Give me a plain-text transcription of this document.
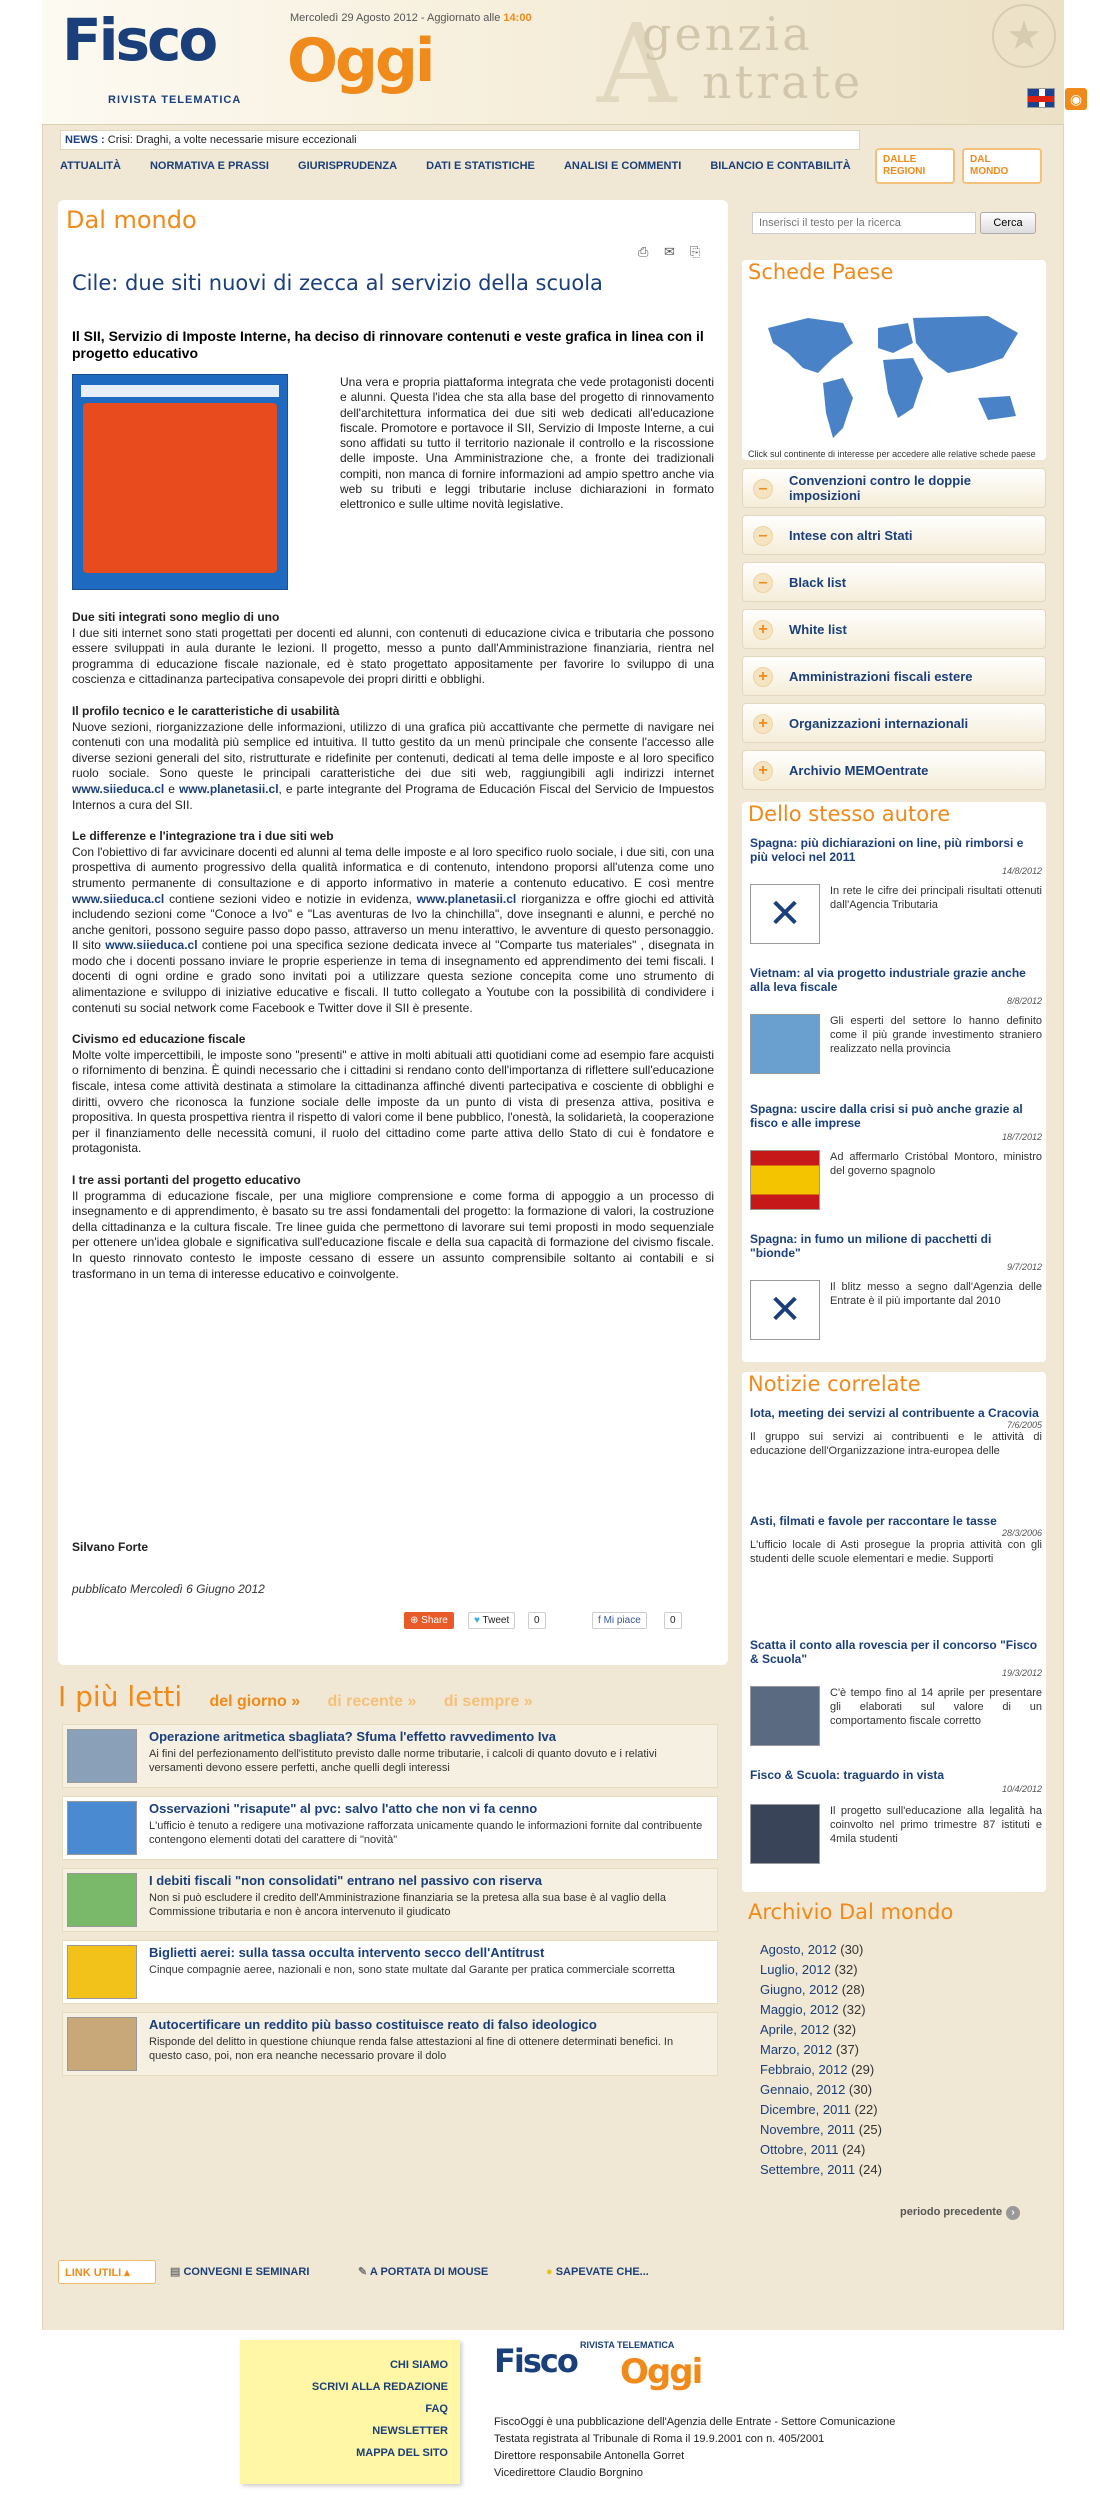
A
Fisco Oggi
RIVISTA TELEMATICA
Mercoledì 29 Agosto 2012 - Aggiornato alle 14:00 genzia
ntrate
★
◉
NEWS : Crisi: Draghi, a volte necessarie misure eccezionali
ATTUALITÀ	NORMATIVA E PRASSI	GIURISPRUDENZA	DATI E STATISTICHE	ANALISI E COMMENTI	BILANCIO E CONTABILITÀ
DALLE
REGIONI
DAL
MONDO
Dal mondo
⎙ ✉ ⎘
Cile: due siti nuovi di zecca al servizio della scuola
Il SII, Servizio di Imposte Interne, ha deciso di rinnovare contenuti e veste grafica in linea con il progetto educativo
Una vera e propria piattaforma integrata che vede protagonisti docenti e alunni. Questa l'idea che sta alla base del progetto di rinnovamento dell'architettura informatica dei due siti web dedicati all'educazione fiscale. Promotore e portavoce il SII, Servizio di Imposte Interne, a cui sono affidati su tutto il territorio nazionale il controllo e la riscossione delle imposte. Una Amministrazione che, a fronte dei tradizionali compiti, non manca di fornire informazioni ad ampio spettro anche via web su tributi e leggi tributarie incluse dichiarazioni in formato elettronico e sulle ultime novità legislative.
Due siti integrati sono meglio di uno

I due siti internet sono stati progettati per docenti ed alunni, con contenuti di educazione civica e tributaria che possono essere sviluppati in aula durante le lezioni. Il progetto, messo a punto dall'Amministrazione finanziaria, rientra nel programma di educazione fiscale nazionale, ed è stato progettato appositamente per favorire lo sviluppo di una coscienza e cittadinanza partecipativa consapevole dei propri diritti e obblighi.

Il profilo tecnico e le caratteristiche di usabilità

Nuove sezioni, riorganizzazione delle informazioni, utilizzo di una grafica più accattivante che permette di navigare nei contenuti con una modalità più semplice ed intuitiva. Il tutto gestito da un menù principale che consente l'accesso alle diverse sezioni generali del sito, ristrutturate e ridefinite per contenuti, dedicati al tema delle imposte e al loro specifico ruolo sociale. Sono queste le principali caratteristiche dei due siti web, raggiungibili agli indirizzi internet www.siieduca.cl e www.planetasii.cl, e parte integrante del Programa de Educación Fiscal del Servicio de Impuestos Internos a cura del SII.

Le differenze e l'integrazione tra i due siti web

Con l'obiettivo di far avvicinare docenti ed alunni al tema delle imposte e al loro specifico ruolo sociale, i due siti, con una prospettiva di aumento progressivo della qualità informatica e di contenuto, intendono proporsi all'utenza come uno strumento permanente di consultazione e di apporto informativo in materie a contenuto educativo. E così mentre www.siieduca.cl contiene sezioni video e notizie in evidenza, www.planetasii.cl riorganizza e offre giochi ed attività includendo sezioni come "Conoce a Ivo" e "Las aventuras de Ivo la chinchilla", dove insegnanti e alunni, e perché no anche genitori, possono seguire passo dopo passo, attraverso un menu interattivo, le avventure di questo personaggio. Il sito www.siieduca.cl contiene poi una specifica sezione dedicata invece al "Comparte tus materiales" , disegnata in modo che i docenti possano inviare le proprie esperienze in tema di insegnamento ed apprendimento dei temi fiscali. I docenti di ogni ordine e grado sono invitati poi a utilizzare questa sezione concepita come uno strumento di alimentazione e sviluppo di iniziative educative e fiscali. Il tutto collegato a Youtube con la possibilità di condividere i contenuti su social network come Facebook e Twitter dove il SII è presente.

Civismo ed educazione fiscale

Molte volte impercettibili, le imposte sono "presenti" e attive in molti abituali atti quotidiani come ad esempio fare acquisti o rifornimento di benzina. È quindi necessario che i cittadini si rendano conto dell'importanza di riflettere sull'educazione fiscale, intesa come attività destinata a stimolare la cittadinanza affinché diventi partecipativa e cosciente di obblighi e diritti, ovvero che riconosca la funzione sociale delle imposte da un punto di vista di presenza attiva, positiva e propositiva. In questa prospettiva rientra il rispetto di valori come il bene pubblico, l'onestà, la solidarietà, la cooperazione per il finanziamento delle necessità comuni, il ruolo del cittadino come parte attiva dello Stato di cui è fondatore e protagonista.

I tre assi portanti del progetto educativo

Il programma di educazione fiscale, per una migliore comprensione e come forma di appoggio a un processo di insegnamento e di apprendimento, è basato su tre assi fondamentali del progetto: la formazione di valori, la costruzione della cittadinanza e la cultura fiscale. Tre linee guida che permettono di lavorare sui temi proposti in modo sequenziale per ottenere un'idea globale e significativa sull'educazione fiscale e della sua capacità di formazione del civismo fiscale. In questo rinnovato contesto le imposte cessano di essere un assunto comprensibile soltanto ai contabili e si trasformano in un tema di interesse educativo e coinvolgente.

Silvano Forte
pubblicato Mercoledì 6 Giugno 2012
⊕ Share	♥ Tweet	0	f Mi piace	0
I più letti del giorno » di recente » di sempre »
Operazione aritmetica sbagliata? Sfuma l'effetto ravvedimento Iva
Ai fini del perfezionamento dell'istituto previsto dalle norme tributarie, i calcoli di quanto dovuto e i relativi versamenti devono essere perfetti, anche quelli degli interessi
Osservazioni "risapute" al pvc: salvo l'atto che non vi fa cenno
L'ufficio è tenuto a redigere una motivazione rafforzata unicamente quando le informazioni fornite dal contribuente contengono elementi dotati del carattere di "novità"
I debiti fiscali "non consolidati" entrano nel passivo con riserva
Non si può escludere il credito dell'Amministrazione finanziaria se la pretesa alla sua base è al vaglio della Commissione tributaria e non è ancora intervenuto il giudicato
Biglietti aerei: sulla tassa occulta intervento secco dell'Antitrust
Cinque compagnie aeree, nazionali e non, sono state multate dal Garante per pratica commerciale scorretta
Autocertificare un reddito più basso costituisce reato di falso ideologico
Risponde del delitto in questione chiunque renda false attestazioni al fine di ottenere determinati benefici. In questo caso, poi, non era neanche necessario provare il dolo
Inserisci il testo per la ricerca
Cerca
Schede Paese
Click sul continente di interesse per accedere alle relative schede paese
–	Convenzioni contro le doppie imposizioni
–	Intese con altri Stati
–	Black list
+	White list
+	Amministrazioni fiscali estere
+	Organizzazioni internazionali
+	Archivio MEMOentrate
Dello stesso autore
Spagna: più dichiarazioni on line, più rimborsi e più veloci nel 2011
14/8/2012
✕
In rete le cifre dei principali risultati ottenuti dall'Agencia Tributaria
Vietnam: al via progetto industriale grazie anche alla leva fiscale
8/8/2012
Gli esperti del settore lo hanno definito come il più grande investimento straniero realizzato nella provincia
Spagna: uscire dalla crisi si può anche grazie al fisco e alle imprese
18/7/2012
Ad affermarlo Cristóbal Montoro, ministro del governo spagnolo
Spagna: in fumo un milione di pacchetti di "bionde"
9/7/2012
✕
Il blitz messo a segno dall'Agenzia delle Entrate è il più importante dal 2010
Notizie correlate
Iota, meeting dei servizi al contribuente a Cracovia
7/6/2005
Il gruppo sui servizi ai contribuenti e le attività di educazione dell'Organizzazione intra-europea delle
Asti, filmati e favole per raccontare le tasse
28/3/2006
L'ufficio locale di Asti prosegue la propria attività con gli studenti delle scuole elementari e medie. Supporti
Scatta il conto alla rovescia per il concorso "Fisco & Scuola"
19/3/2012
C'è tempo fino al 14 aprile per presentare gli elaborati sul valore di un comportamento fiscale corretto
Fisco & Scuola: traguardo in vista
10/4/2012
Il progetto sull'educazione alla legalità ha coinvolto nel primo trimestre 87 istituti e 4mila studenti
Archivio Dal mondo
Agosto, 2012 (30)
Luglio, 2012 (32)
Giugno, 2012 (28)
Maggio, 2012 (32)
Aprile, 2012 (32)
Marzo, 2012 (37)
Febbraio, 2012 (29)
Gennaio, 2012 (30)
Dicembre, 2011 (22)
Novembre, 2011 (25)
Ottobre, 2011 (24)
Settembre, 2011 (24)
periodo precedente ›
LINK UTILI ▴	▤ CONVEGNI E SEMINARI	✎ A PORTATA DI MOUSE	● SAPEVATE CHE...
CHI SIAMO
SCRIVI ALLA REDAZIONE
FAQ
NEWSLETTER
MAPPA DEL SITO
RIVISTA TELEMATICA
Fisco Oggi
FiscoOggi è una pubblicazione dell'Agenzia delle Entrate - Settore Comunicazione
Testata registrata al Tribunale di Roma il 19.9.2001 con n. 405/2001
Direttore responsabile Antonella Gorret
Vicedirettore Claudio Borgnino
